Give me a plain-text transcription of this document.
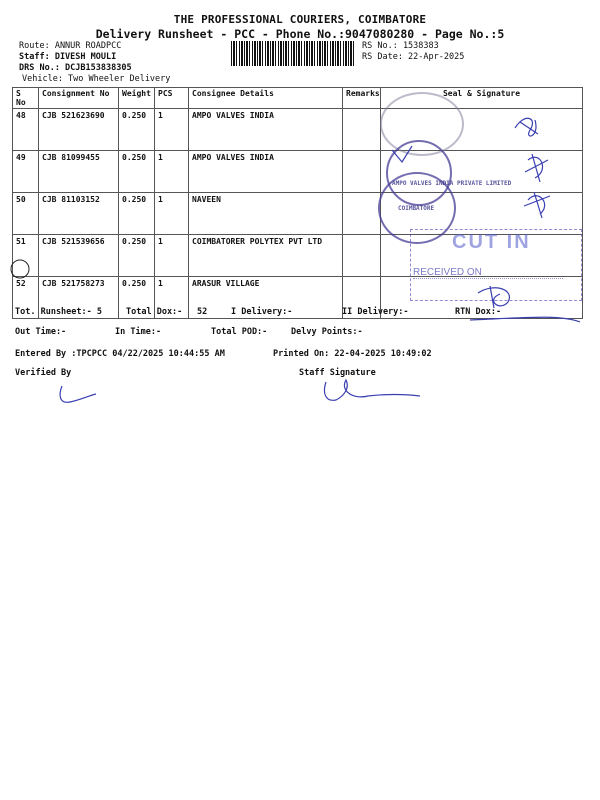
THE PROFESSIONAL COURIERS, COIMBATORE
Delivery Runsheet - PCC - Phone No.:9047080280 - Page No.:5
Route: ANNUR ROADPCC
Staff: DIVESH MOULI
DRS No.: DCJB153838305
Vehicle: Two Wheeler Delivery
RS No.: 1538383
RS Date: 22-Apr-2025
S No	Consignment No	Weight	PCS	Consignee Details	Remarks	Seal & Signature
48	CJB 521623690	0.250	1	AMPO VALVES INDIA		
49	CJB 81099455	0.250	1	AMPO VALVES INDIA		
50	CJB 81103152	0.250	1	NAVEEN		
51	CJB 521539656	0.250	1	COIMBATORER POLYTEX PVT LTD		
52	CJB 521758273	0.250	1	ARASUR VILLAGE		
AMPO VALVES INDIA PRIVATE LIMITED
COIMBATORE
CUT IN
RECEIVED ON
Tot. Runsheet:- 5	Total Dox:- 52	I Delivery:-	II Delivery:-	RTN Dox:-
Out Time:-	In Time:-	Total POD:-	Delvy Points:-
Entered By :TPCPCC 04/22/2025 10:44:55 AM	Printed On: 22-04-2025 10:49:02
Verified By	Staff Signature
